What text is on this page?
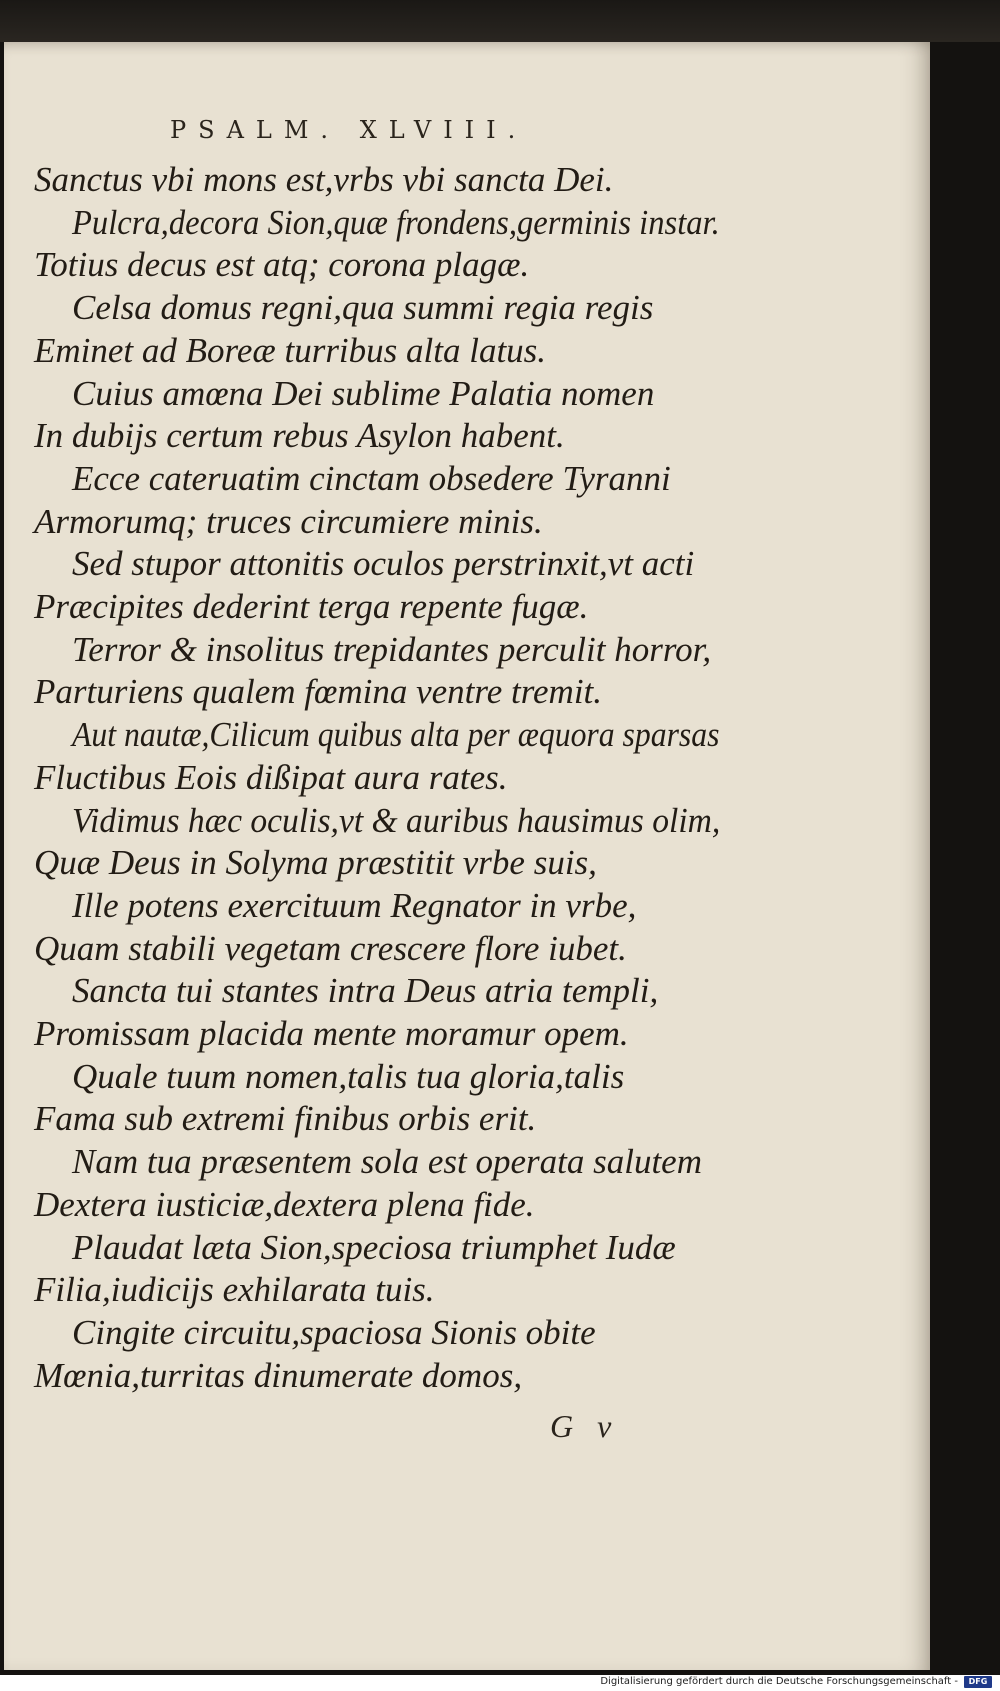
PSALM. XLVIII.
Sanctus vbi mons est,vrbs vbi sancta Dei.
Pulcra,decora Sion,quæ frondens,germinis instar.
Totius decus est atq; corona plagæ.
Celsa domus regni,qua summi regia regis
Eminet ad Boreæ turribus alta latus.
Cuius amœna Dei sublime Palatia nomen
In dubijs certum rebus Asylon habent.
Ecce cateruatim cinctam obsedere Tyranni
Armorumq; truces circumiere minis.
Sed stupor attonitis oculos perstrinxit,vt acti
Præcipites dederint terga repente fugæ.
Terror & insolitus trepidantes perculit horror,
Parturiens qualem fœmina ventre tremit.
Aut nautæ,Cilicum quibus alta per æquora sparsas
Fluctibus Eois dißipat aura rates.
Vidimus hæc oculis,vt & auribus hausimus olim,
Quæ Deus in Solyma præstitit vrbe suis,
Ille potens exercituum Regnator in vrbe,
Quam stabili vegetam crescere flore iubet.
Sancta tui stantes intra Deus atria templi,
Promissam placida mente moramur opem.
Quale tuum nomen,talis tua gloria,talis
Fama sub extremi finibus orbis erit.
Nam tua præsentem sola est operata salutem
Dextera iusticiæ,dextera plena fide.
Plaudat læta Sion,speciosa triumphet Iudæ
Filia,iudicijs exhilarata tuis.
Cingite circuitu,spaciosa Sionis obite
Mœnia,turritas dinumerate domos,
G v
Digitalisierung gefördert durch die Deutsche Forschungsgemeinschaft -	DFG
